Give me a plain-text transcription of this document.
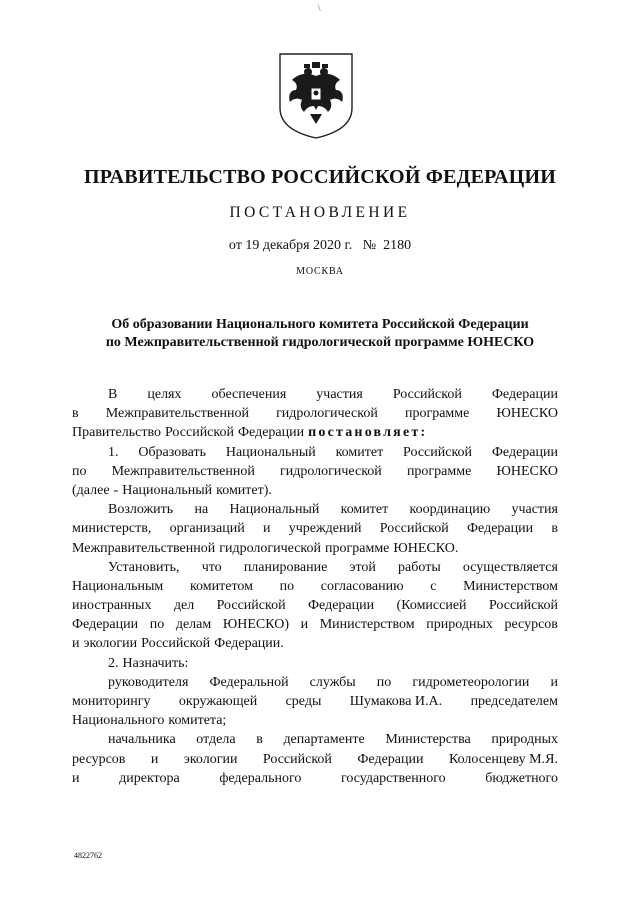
\
ПРАВИТЕЛЬСТВО РОССИЙСКОЙ ФЕДЕРАЦИИ
ПОСТАНОВЛЕНИЕ
от 19 декабря 2020 г. № 2180
МОСКВА
Об образовании Национального комитета Российской Федерации
по Межправительственной гидрологической программе ЮНЕСКО
В целях обеспечения участия Российской Федерации
в Межправительственной гидрологической программе ЮНЕСКО
Правительство Российской Федерации постановляет:
1. Образовать Национальный комитет Российской Федерации
по Межправительственной гидрологической программе ЮНЕСКО
(далее - Национальный комитет).
Возложить на Национальный комитет координацию участия
министерств, организаций и учреждений Российской Федерации в
Межправительственной гидрологической программе ЮНЕСКО.
Установить, что планирование этой работы осуществляется
Национальным комитетом по согласованию с Министерством
иностранных дел Российской Федерации (Комиссией Российской
Федерации по делам ЮНЕСКО) и Министерством природных ресурсов
и экологии Российской Федерации.
2. Назначить:
руководителя Федеральной службы по гидрометеорологии и
мониторингу окружающей среды Шумакова И.А. председателем
Национального комитета;
начальника отдела в департаменте Министерства природных
ресурсов и экологии Российской Федерации Колосенцеву М.Я.
и	директора	федерального	государственного	бюджетного
4822762
